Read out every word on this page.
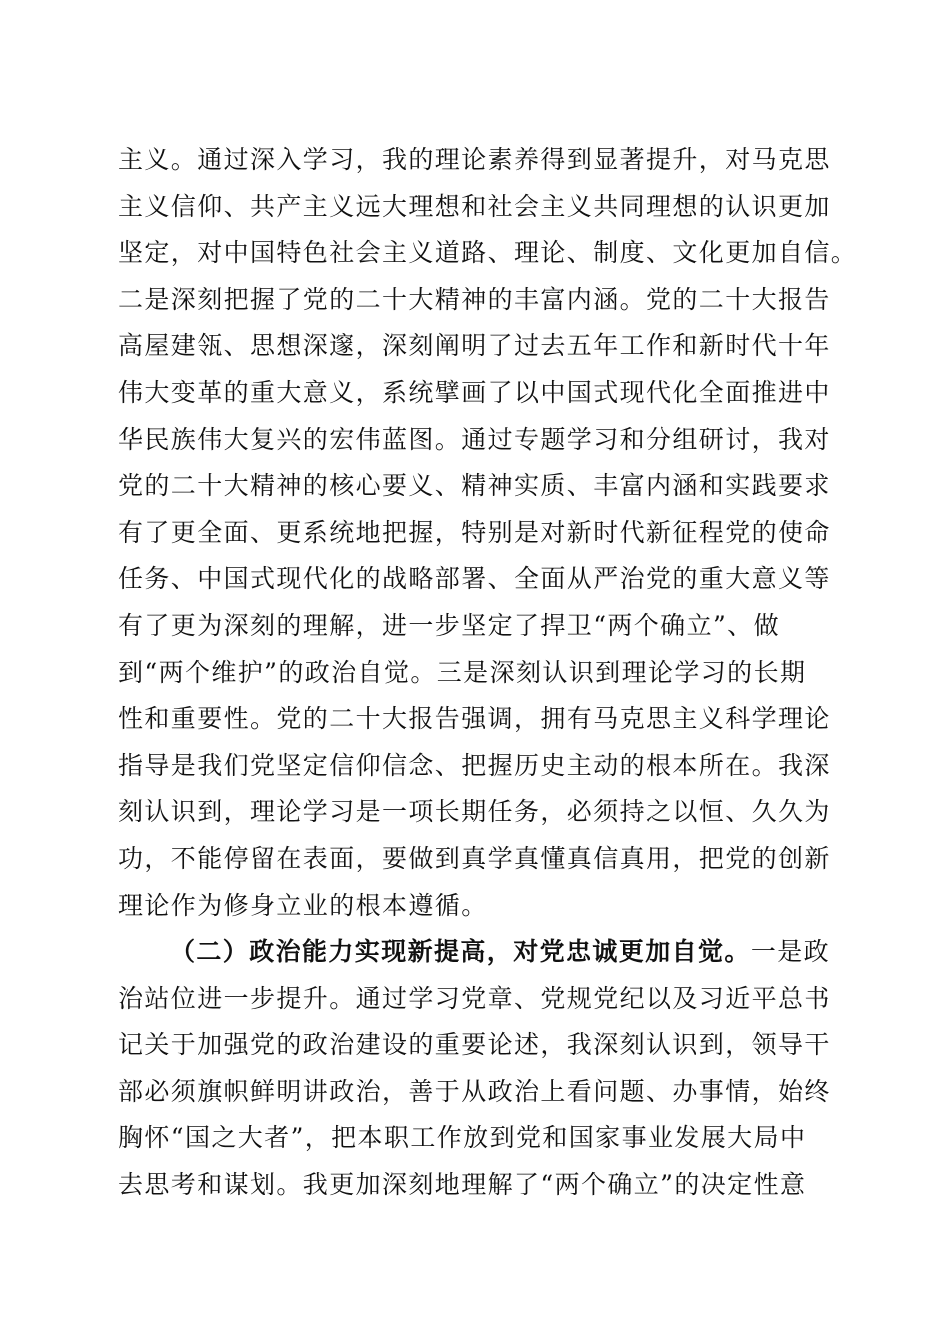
主义。通过深入学习，我的理论素养得到显著提升，对马克思
主义信仰、共产主义远大理想和社会主义共同理想的认识更加
坚定，对中国特色社会主义道路、理论、制度、文化更加自信。
二是深刻把握了党的二十大精神的丰富内涵。党的二十大报告
高屋建瓴、思想深邃，深刻阐明了过去五年工作和新时代十年
伟大变革的重大意义，系统擘画了以中国式现代化全面推进中
华民族伟大复兴的宏伟蓝图。通过专题学习和分组研讨，我对
党的二十大精神的核心要义、精神实质、丰富内涵和实践要求
有了更全面、更系统地把握，特别是对新时代新征程党的使命
任务、中国式现代化的战略部署、全面从严治党的重大意义等
有了更为深刻的理解，进一步坚定了捍卫“两个确立”、做
到“两个维护”的政治自觉。三是深刻认识到理论学习的长期
性和重要性。党的二十大报告强调，拥有马克思主义科学理论
指导是我们党坚定信仰信念、把握历史主动的根本所在。我深
刻认识到，理论学习是一项长期任务，必须持之以恒、久久为
功，不能停留在表面，要做到真学真懂真信真用，把党的创新
理论作为修身立业的根本遵循。
（二）政治能力实现新提高，对党忠诚更加自觉。一是政
治站位进一步提升。通过学习党章、党规党纪以及习近平总书
记关于加强党的政治建设的重要论述，我深刻认识到，领导干
部必须旗帜鲜明讲政治，善于从政治上看问题、办事情，始终
胸怀“国之大者”，把本职工作放到党和国家事业发展大局中
去思考和谋划。我更加深刻地理解了“两个确立”的决定性意
